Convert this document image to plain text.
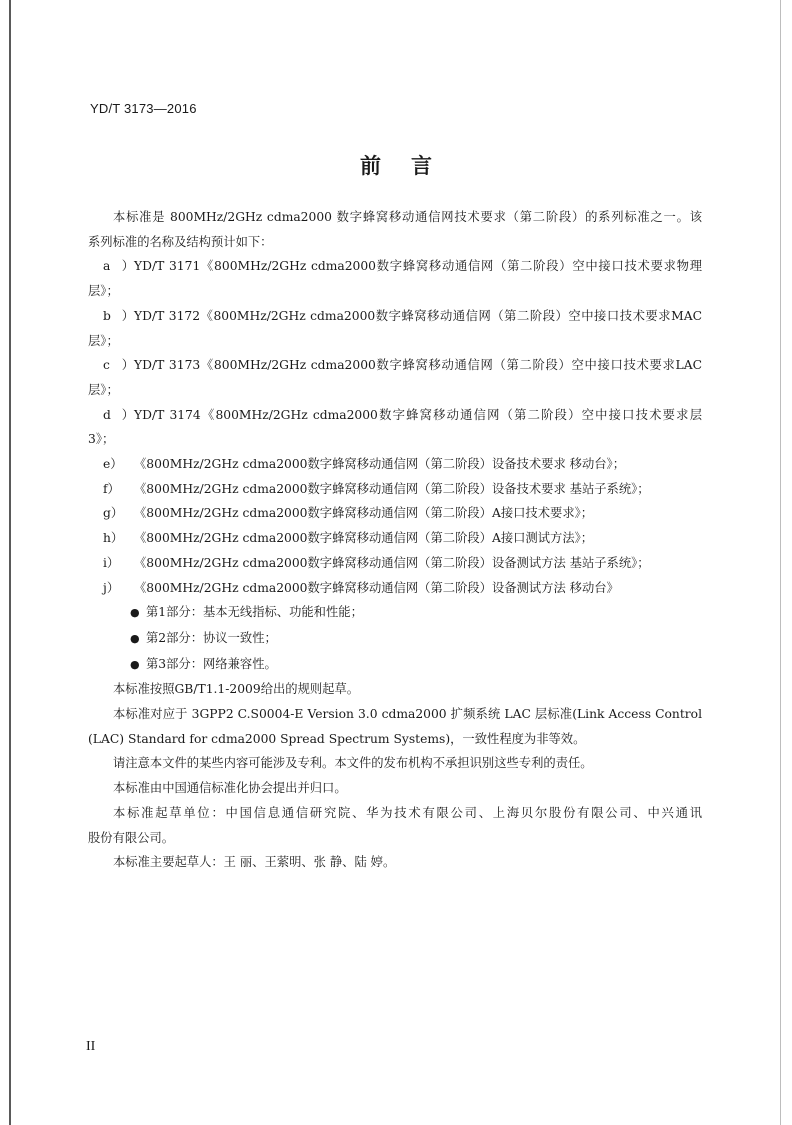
YD/T 3173—2016
前 言

本标准是 800MHz/2GHz cdma2000 数字蜂窝移动通信网技术要求（第二阶段）的系列标准之一。该

系列标准的名称及结构预计如下：

a）YD/T 3171《800MHz/2GHz cdma2000数字蜂窝移动通信网（第二阶段）空中接口技术要求物理

层》；

b）YD/T 3172《800MHz/2GHz cdma2000数字蜂窝移动通信网（第二阶段）空中接口技术要求MAC

层》；

c）YD/T 3173《800MHz/2GHz cdma2000数字蜂窝移动通信网（第二阶段）空中接口技术要求LAC

层》；

d）YD/T 3174《800MHz/2GHz cdma2000数字蜂窝移动通信网（第二阶段）空中接口技术要求层

3》；

e） 《800MHz/2GHz cdma2000数字蜂窝移动通信网（第二阶段）设备技术要求 移动台》；

f） 《800MHz/2GHz cdma2000数字蜂窝移动通信网（第二阶段）设备技术要求 基站子系统》；

g） 《800MHz/2GHz cdma2000数字蜂窝移动通信网（第二阶段）A接口技术要求》；

h） 《800MHz/2GHz cdma2000数字蜂窝移动通信网（第二阶段）A接口测试方法》；

i） 《800MHz/2GHz cdma2000数字蜂窝移动通信网（第二阶段）设备测试方法 基站子系统》；

j） 《800MHz/2GHz cdma2000数字蜂窝移动通信网（第二阶段）设备测试方法 移动台》

● 第1部分：基本无线指标、功能和性能；

● 第2部分：协议一致性；

● 第3部分：网络兼容性。

本标准按照GB/T1.1-2009给出的规则起草。

本标准对应于 3GPP2 C.S0004-E Version 3.0 cdma2000 扩频系统 LAC 层标准(Link Access Control

(LAC) Standard for cdma2000 Spread Spectrum Systems)，一致性程度为非等效。

请注意本文件的某些内容可能涉及专利。本文件的发布机构不承担识别这些专利的责任。

本标准由中国通信标准化协会提出并归口。

本标准起草单位：中国信息通信研究院、华为技术有限公司、上海贝尔股份有限公司、中兴通讯

股份有限公司。

本标准主要起草人：王 丽、王萦明、张 静、陆 婷。

II
